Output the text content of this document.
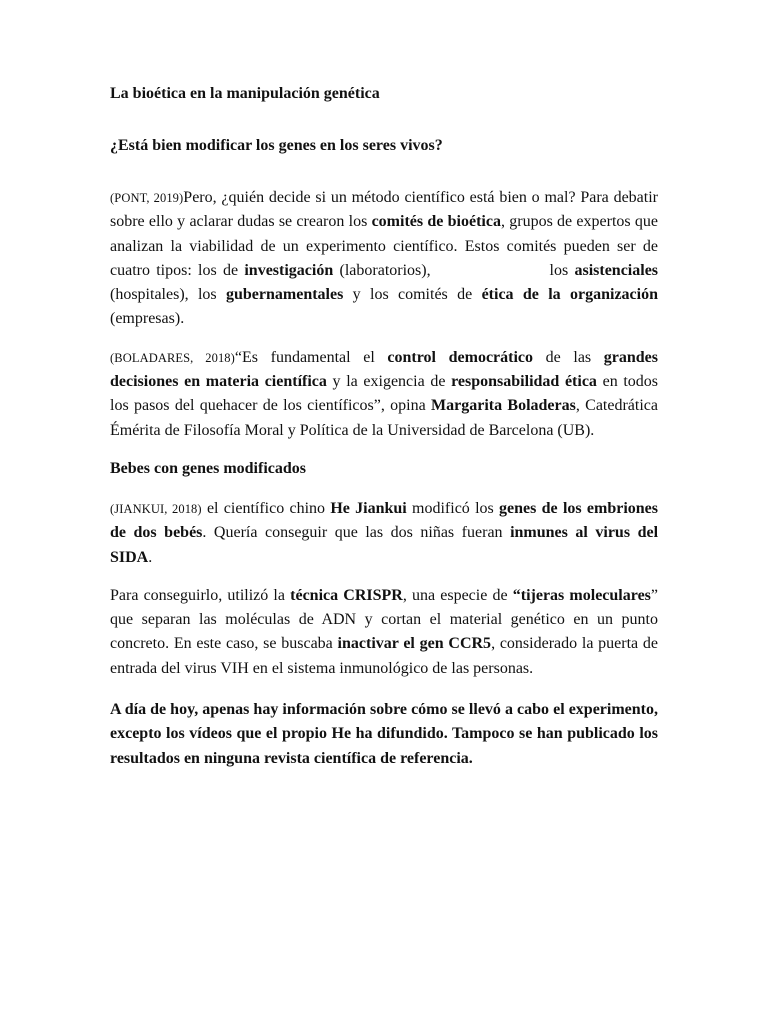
La bioética en la manipulación genética

¿Está bien modificar los genes en los seres vivos?

(PONT, 2019)Pero, ¿quién decide si un método científico está bien o mal? Para debatir sobre ello y aclarar dudas se crearon los comités de bioética, grupos de expertos que analizan la viabilidad de un experimento científico. Estos comités pueden ser de cuatro tipos: los de investigación (laboratorios),                   los asistenciales (hospitales), los gubernamentales y los comités de ética de la organización (empresas).

(BOLADARES, 2018)“Es fundamental el control democrático de las grandes decisiones en materia científica y la exigencia de responsabilidad ética en todos los pasos del quehacer de los científicos”, opina Margarita Boladeras, Catedrática Émérita de Filosofía Moral y Política de la Universidad de Barcelona (UB).

Bebes con genes modificados

(JIANKUI, 2018) el científico chino He Jiankui modificó los genes de los embriones de dos bebés. Quería conseguir que las dos niñas fueran inmunes al virus del SIDA.

Para conseguirlo, utilizó la técnica CRISPR, una especie de “tijeras moleculares” que separan las moléculas de ADN y cortan el material genético en un punto concreto. En este caso, se buscaba inactivar el gen CCR5, considerado la puerta de entrada del virus VIH en el sistema inmunológico de las personas.

A día de hoy, apenas hay información sobre cómo se llevó a cabo el experimento, excepto los vídeos que el propio He ha difundido. Tampoco se han publicado los resultados en ninguna revista científica de referencia.
